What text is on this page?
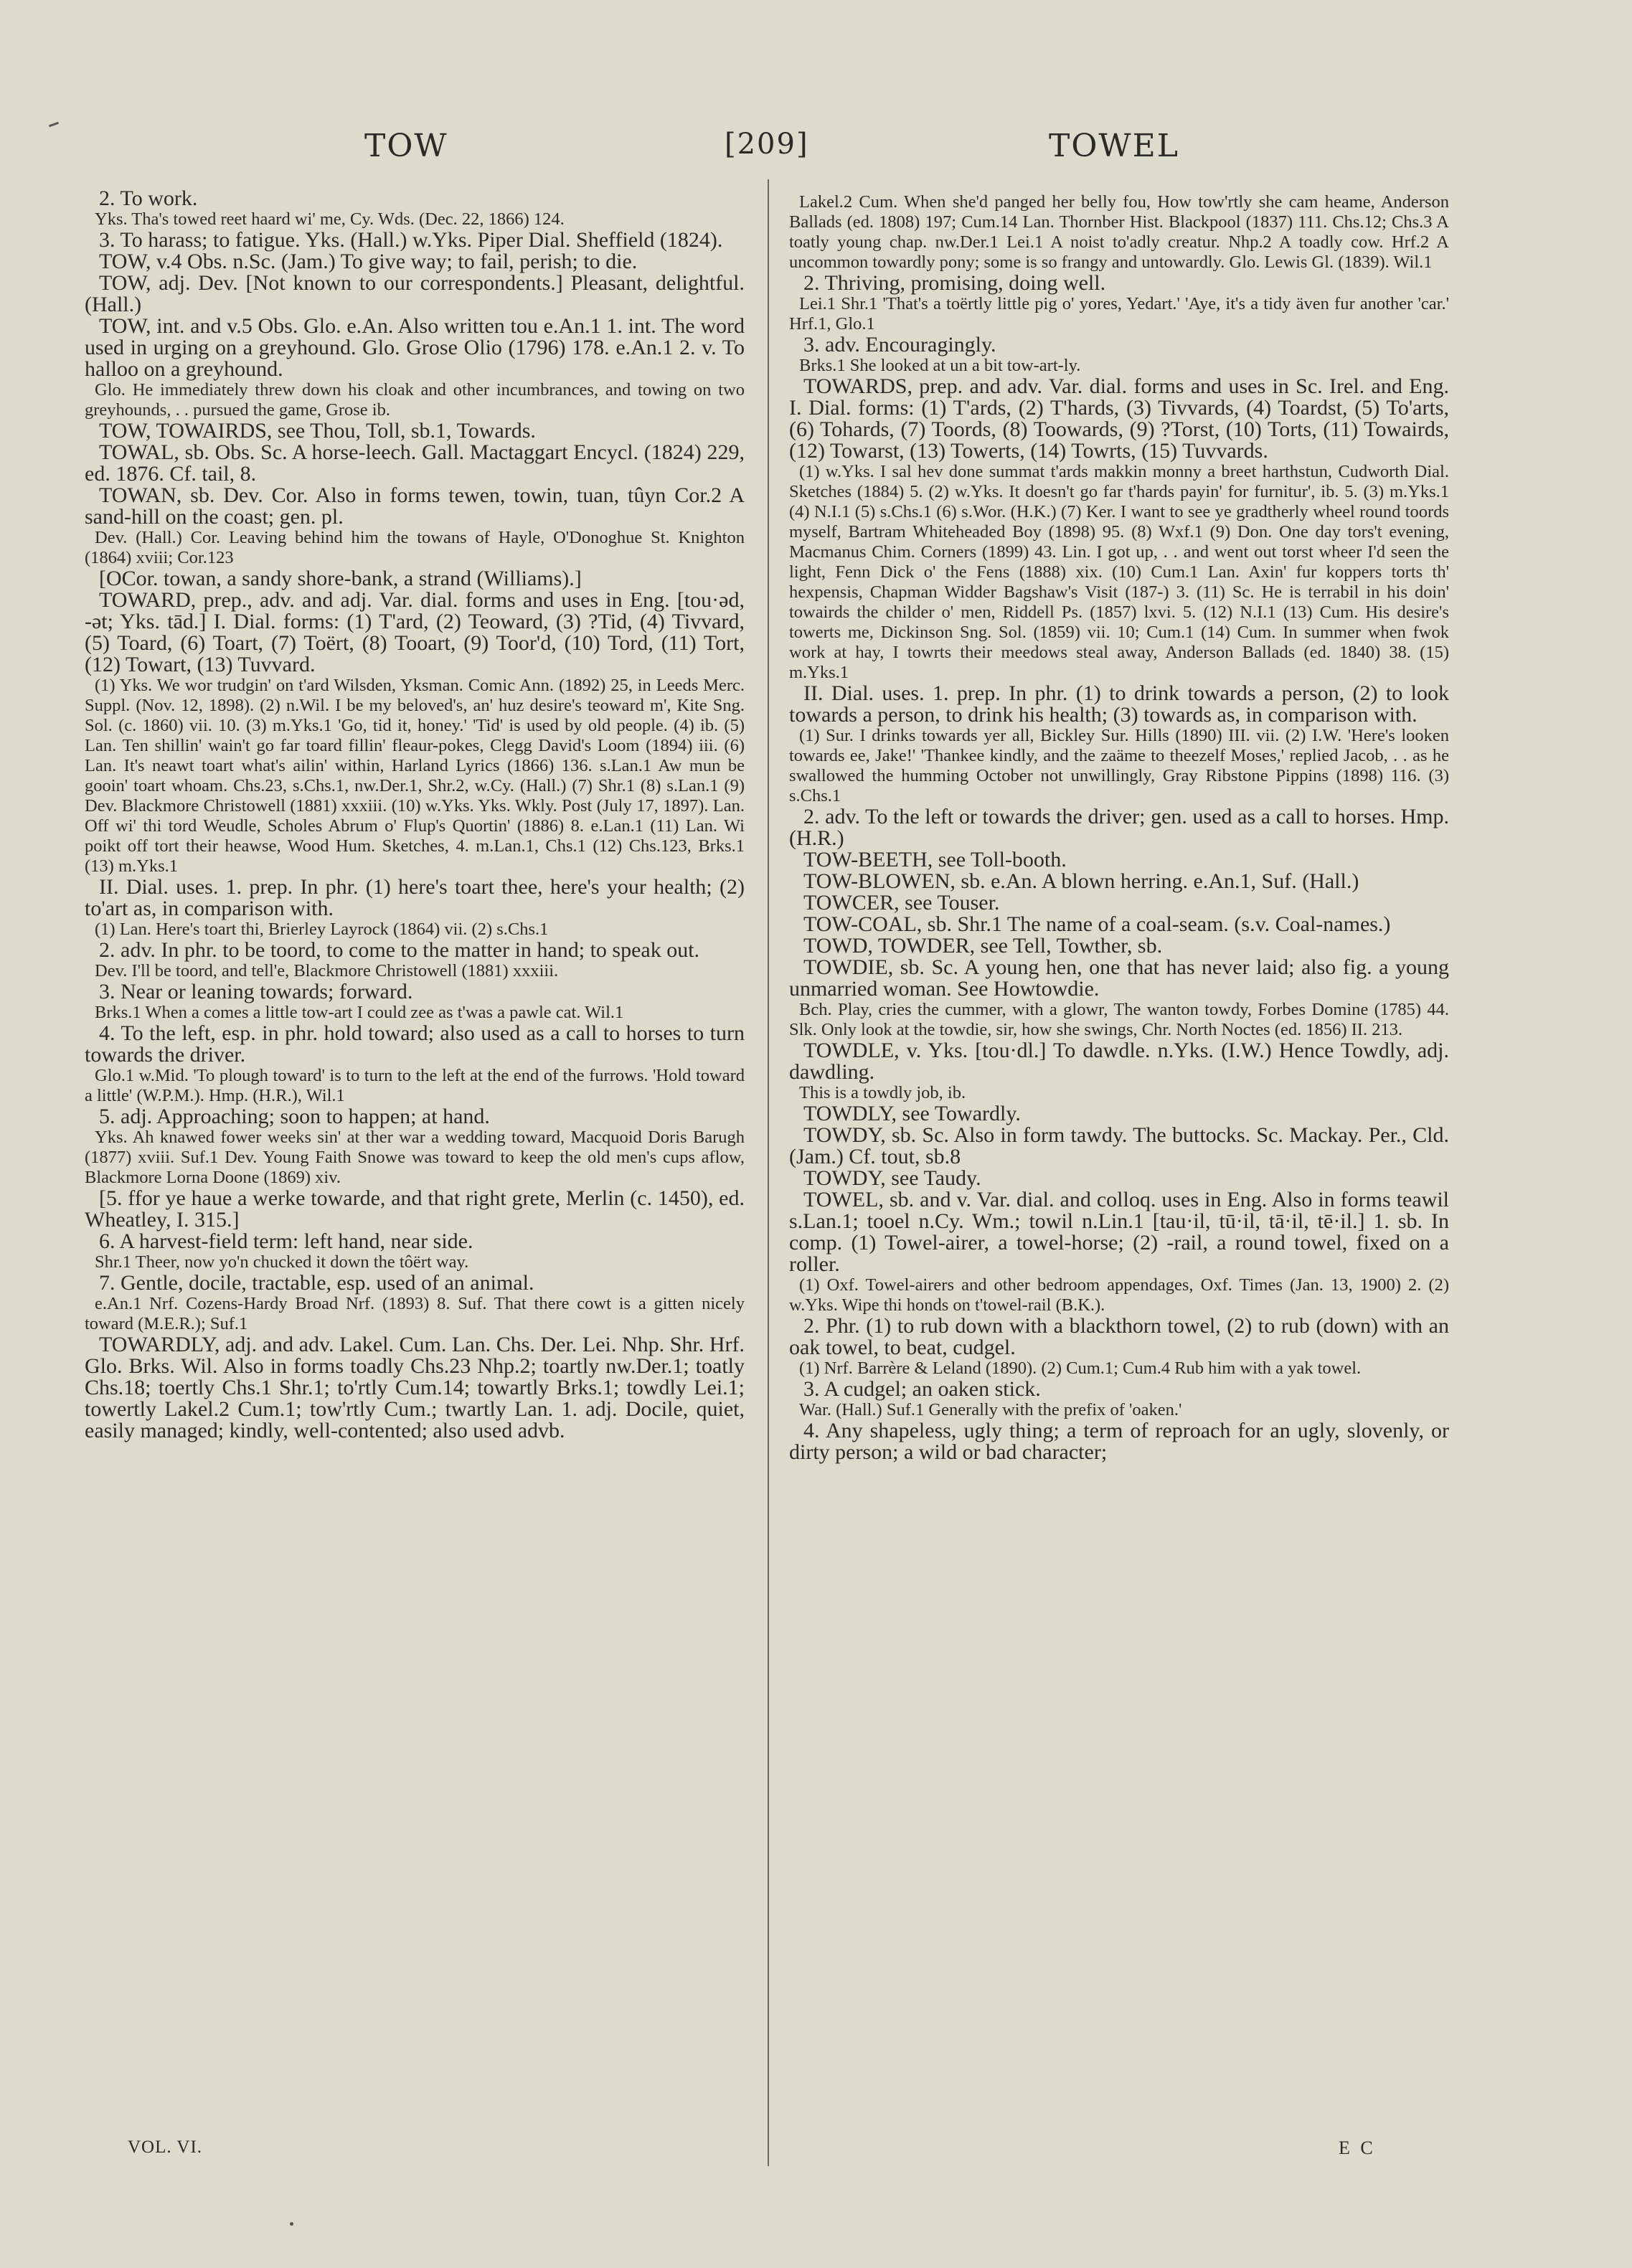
TOW	[209]	TOWEL

2. To work.

Yks. Tha's towed reet haard wi' me, Cy. Wds. (Dec. 22, 1866) 124.

3. To harass; to fatigue. Yks. (Hall.) w.Yks. Piper Dial. Sheffield (1824).

TOW, v.4 Obs. n.Sc. (Jam.) To give way; to fail, perish; to die.

TOW, adj. Dev. [Not known to our correspondents.] Pleasant, delightful. (Hall.)

TOW, int. and v.5 Obs. Glo. e.An. Also written tou e.An.1 1. int. The word used in urging on a greyhound. Glo. Grose Olio (1796) 178. e.An.1 2. v. To halloo on a greyhound.

Glo. He immediately threw down his cloak and other incumbrances, and towing on two greyhounds, . . pursued the game, Grose ib.

TOW, TOWAIRDS, see Thou, Toll, sb.1, Towards.

TOWAL, sb. Obs. Sc. A horse-leech. Gall. Mactaggart Encycl. (1824) 229, ed. 1876. Cf. tail, 8.

TOWAN, sb. Dev. Cor. Also in forms tewen, towin, tuan, tûyn Cor.2 A sand-hill on the coast; gen. pl.

Dev. (Hall.) Cor. Leaving behind him the towans of Hayle, O'Donoghue St. Knighton (1864) xviii; Cor.123

[OCor. towan, a sandy shore-bank, a strand (Williams).]

TOWARD, prep., adv. and adj. Var. dial. forms and uses in Eng. [tou·əd, -ət; Yks. tād.] I. Dial. forms: (1) T'ard, (2) Teoward, (3) ?Tid, (4) Tivvard, (5) Toard, (6) Toart, (7) Toërt, (8) Tooart, (9) Toor'd, (10) Tord, (11) Tort, (12) Towart, (13) Tuvvard.

(1) Yks. We wor trudgin' on t'ard Wilsden, Yksman. Comic Ann. (1892) 25, in Leeds Merc. Suppl. (Nov. 12, 1898). (2) n.Wil. I be my beloved's, an' huz desire's teoward m', Kite Sng. Sol. (c. 1860) vii. 10. (3) m.Yks.1 'Go, tid it, honey.' 'Tid' is used by old people. (4) ib. (5) Lan. Ten shillin' wain't go far toard fillin' fleaur-pokes, Clegg David's Loom (1894) iii. (6) Lan. It's neawt toart what's ailin' within, Harland Lyrics (1866) 136. s.Lan.1 Aw mun be gooin' toart whoam. Chs.23, s.Chs.1, nw.Der.1, Shr.2, w.Cy. (Hall.) (7) Shr.1 (8) s.Lan.1 (9) Dev. Blackmore Christowell (1881) xxxiii. (10) w.Yks. Yks. Wkly. Post (July 17, 1897). Lan. Off wi' thi tord Weudle, Scholes Abrum o' Flup's Quortin' (1886) 8. e.Lan.1 (11) Lan. Wi poikt off tort their heawse, Wood Hum. Sketches, 4. m.Lan.1, Chs.1 (12) Chs.123, Brks.1 (13) m.Yks.1

II. Dial. uses. 1. prep. In phr. (1) here's toart thee, here's your health; (2) to'art as, in comparison with.

(1) Lan. Here's toart thi, Brierley Layrock (1864) vii. (2) s.Chs.1

2. adv. In phr. to be toord, to come to the matter in hand; to speak out.

Dev. I'll be toord, and tell'e, Blackmore Christowell (1881) xxxiii.

3. Near or leaning towards; forward.

Brks.1 When a comes a little tow-art I could zee as t'was a pawle cat. Wil.1

4. To the left, esp. in phr. hold toward; also used as a call to horses to turn towards the driver.

Glo.1 w.Mid. 'To plough toward' is to turn to the left at the end of the furrows. 'Hold toward a little' (W.P.M.). Hmp. (H.R.), Wil.1

5. adj. Approaching; soon to happen; at hand.

Yks. Ah knawed fower weeks sin' at ther war a wedding toward, Macquoid Doris Barugh (1877) xviii. Suf.1 Dev. Young Faith Snowe was toward to keep the old men's cups aflow, Blackmore Lorna Doone (1869) xiv.

[5. ffor ye haue a werke towarde, and that right grete, Merlin (c. 1450), ed. Wheatley, I. 315.]

6. A harvest-field term: left hand, near side.

Shr.1 Theer, now yo'n chucked it down the tôërt way.

7. Gentle, docile, tractable, esp. used of an animal.

e.An.1 Nrf. Cozens-Hardy Broad Nrf. (1893) 8. Suf. That there cowt is a gitten nicely toward (M.E.R.); Suf.1

TOWARDLY, adj. and adv. Lakel. Cum. Lan. Chs. Der. Lei. Nhp. Shr. Hrf. Glo. Brks. Wil. Also in forms toadly Chs.23 Nhp.2; toartly nw.Der.1; toatly Chs.18; toertly Chs.1 Shr.1; to'rtly Cum.14; towartly Brks.1; towdly Lei.1; towertly Lakel.2 Cum.1; tow'rtly Cum.; twartly Lan. 1. adj. Docile, quiet, easily managed; kindly, well-contented; also used advb.

Lakel.2 Cum. When she'd panged her belly fou, How tow'rtly she cam heame, Anderson Ballads (ed. 1808) 197; Cum.14 Lan. Thornber Hist. Blackpool (1837) 111. Chs.12; Chs.3 A toatly young chap. nw.Der.1 Lei.1 A noist to'adly creatur. Nhp.2 A toadly cow. Hrf.2 A uncommon towardly pony; some is so frangy and untowardly. Glo. Lewis Gl. (1839). Wil.1

2. Thriving, promising, doing well.

Lei.1 Shr.1 'That's a toërtly little pig o' yores, Yedart.' 'Aye, it's a tidy även fur another 'car.' Hrf.1, Glo.1

3. adv. Encouragingly.

Brks.1 She looked at un a bit tow-art-ly.

TOWARDS, prep. and adv. Var. dial. forms and uses in Sc. Irel. and Eng. I. Dial. forms: (1) T'ards, (2) T'hards, (3) Tivvards, (4) Toardst, (5) To'arts, (6) Tohards, (7) Toords, (8) Toowards, (9) ?Torst, (10) Torts, (11) Towairds, (12) Towarst, (13) Towerts, (14) Towrts, (15) Tuvvards.

(1) w.Yks. I sal hev done summat t'ards makkin monny a breet harthstun, Cudworth Dial. Sketches (1884) 5. (2) w.Yks. It doesn't go far t'hards payin' for furnitur', ib. 5. (3) m.Yks.1 (4) N.I.1 (5) s.Chs.1 (6) s.Wor. (H.K.) (7) Ker. I want to see ye gradtherly wheel round toords myself, Bartram Whiteheaded Boy (1898) 95. (8) Wxf.1 (9) Don. One day tors't evening, Macmanus Chim. Corners (1899) 43. Lin. I got up, . . and went out torst wheer I'd seen the light, Fenn Dick o' the Fens (1888) xix. (10) Cum.1 Lan. Axin' fur koppers torts th' hexpensis, Chapman Widder Bagshaw's Visit (187-) 3. (11) Sc. He is terrabil in his doin' towairds the childer o' men, Riddell Ps. (1857) lxvi. 5. (12) N.I.1 (13) Cum. His desire's towerts me, Dickinson Sng. Sol. (1859) vii. 10; Cum.1 (14) Cum. In summer when fwok work at hay, I towrts their meedows steal away, Anderson Ballads (ed. 1840) 38. (15) m.Yks.1

II. Dial. uses. 1. prep. In phr. (1) to drink towards a person, (2) to look towards a person, to drink his health; (3) towards as, in comparison with.

(1) Sur. I drinks towards yer all, Bickley Sur. Hills (1890) III. vii. (2) I.W. 'Here's looken towards ee, Jake!' 'Thankee kindly, and the zaäme to theezelf Moses,' replied Jacob, . . as he swallowed the humming October not unwillingly, Gray Ribstone Pippins (1898) 116. (3) s.Chs.1

2. adv. To the left or towards the driver; gen. used as a call to horses. Hmp. (H.R.)

TOW-BEETH, see Toll-booth.

TOW-BLOWEN, sb. e.An. A blown herring. e.An.1, Suf. (Hall.)

TOWCER, see Touser.

TOW-COAL, sb. Shr.1 The name of a coal-seam. (s.v. Coal-names.)

TOWD, TOWDER, see Tell, Towther, sb.

TOWDIE, sb. Sc. A young hen, one that has never laid; also fig. a young unmarried woman. See Howtowdie.

Bch. Play, cries the cummer, with a glowr, The wanton towdy, Forbes Domine (1785) 44. Slk. Only look at the towdie, sir, how she swings, Chr. North Noctes (ed. 1856) II. 213.

TOWDLE, v. Yks. [tou·dl.] To dawdle. n.Yks. (I.W.) Hence Towdly, adj. dawdling.

This is a towdly job, ib.

TOWDLY, see Towardly.

TOWDY, sb. Sc. Also in form tawdy. The buttocks. Sc. Mackay. Per., Cld. (Jam.) Cf. tout, sb.8

TOWDY, see Taudy.

TOWEL, sb. and v. Var. dial. and colloq. uses in Eng. Also in forms teawil s.Lan.1; tooel n.Cy. Wm.; towil n.Lin.1 [tau·il, tū·il, tā·il, tē·il.] 1. sb. In comp. (1) Towel-airer, a towel-horse; (2) -rail, a round towel, fixed on a roller.

(1) Oxf. Towel-airers and other bedroom appendages, Oxf. Times (Jan. 13, 1900) 2. (2) w.Yks. Wipe thi honds on t'towel-rail (B.K.).

2. Phr. (1) to rub down with a blackthorn towel, (2) to rub (down) with an oak towel, to beat, cudgel.

(1) Nrf. Barrère & Leland (1890). (2) Cum.1; Cum.4 Rub him with a yak towel.

3. A cudgel; an oaken stick.

War. (Hall.) Suf.1 Generally with the prefix of 'oaken.'

4. Any shapeless, ugly thing; a term of reproach for an ugly, slovenly, or dirty person; a wild or bad character;

VOL. VI.	E C
